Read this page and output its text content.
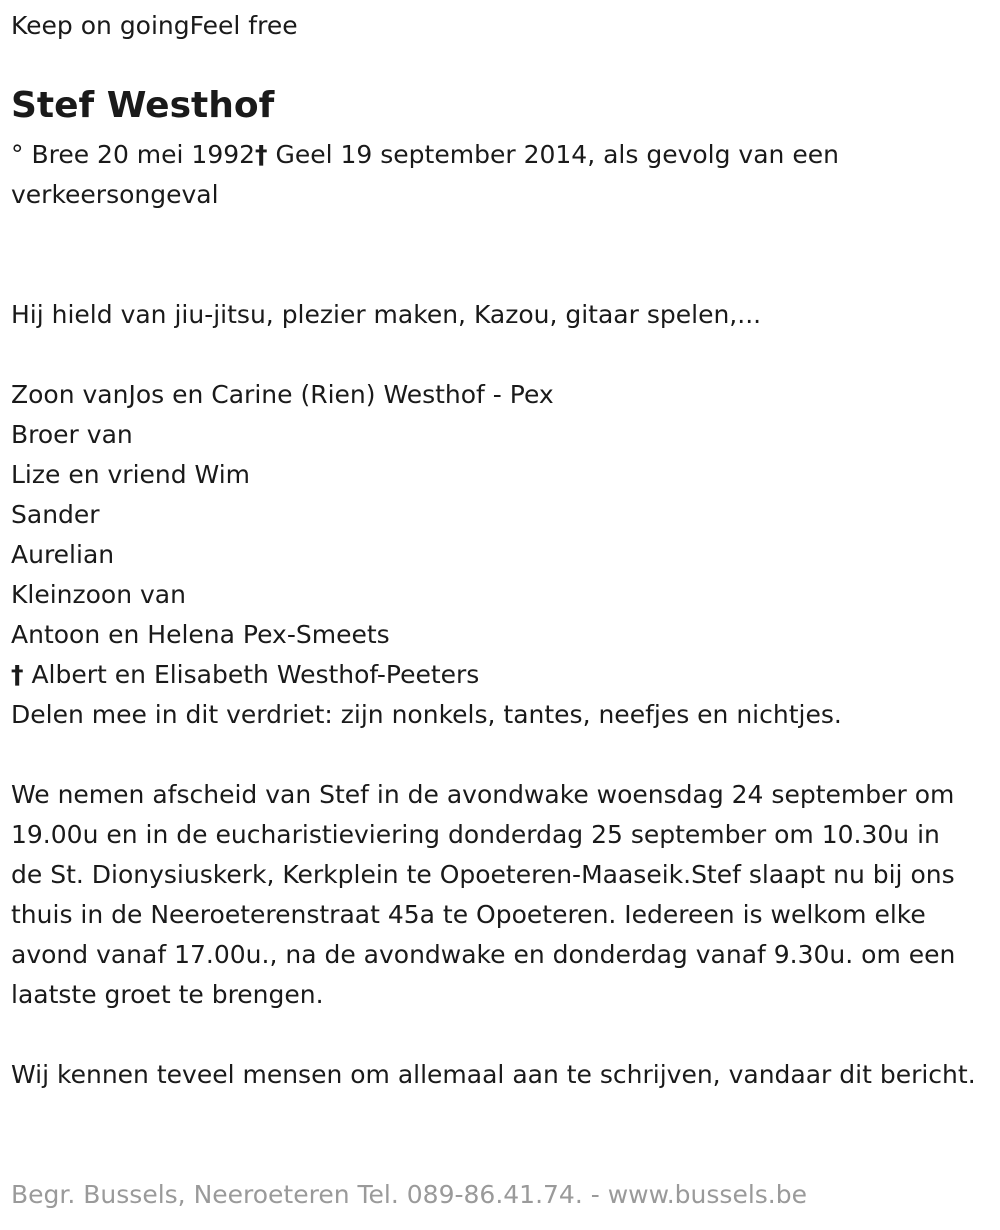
Keep on goingFeel free

Stef Westhof

° Bree 20 mei 1992† Geel 19 september 2014, als gevolg van een verkeersongeval

Hij hield van jiu-jitsu, plezier maken, Kazou, gitaar spelen,...

Zoon vanJos en Carine (Rien) Westhof - Pex

Broer van

Lize en vriend Wim

Sander

Aurelian

Kleinzoon van

Antoon en Helena Pex-Smeets

† Albert en Elisabeth Westhof-Peeters

Delen mee in dit verdriet: zijn nonkels, tantes, neefjes en nichtjes.

We nemen afscheid van Stef in de avondwake woensdag 24 september om 19.00u en in de eucharistieviering donderdag 25 september om 10.30u in de St. Dionysiuskerk, Kerkplein te Opoeteren-Maaseik.Stef slaapt nu bij ons thuis in de Neeroeterenstraat 45a te Opoeteren. Iedereen is welkom elke avond vanaf 17.00u., na de avondwake en donderdag vanaf 9.30u. om een laatste groet te brengen.

Wij kennen teveel mensen om allemaal aan te schrijven, vandaar dit bericht.

Begr. Bussels, Neeroeteren Tel. 089-86.41.74. - www.bussels.be
